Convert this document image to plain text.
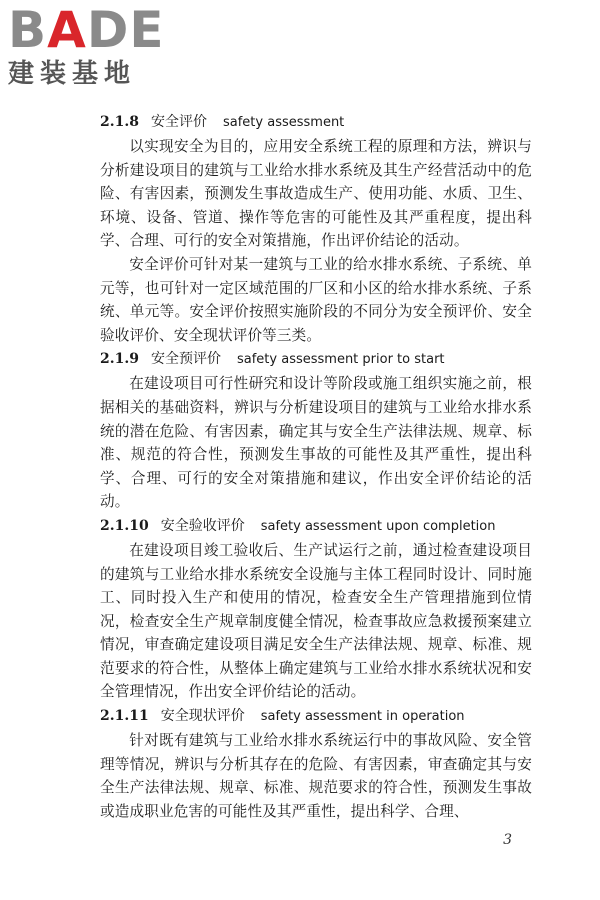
BADE
建装基地
2.1.8 安全评价 safety assessment

以实现安全为目的，应用安全系统工程的原理和方法，辨识与分析建设项目的建筑与工业给水排水系统及其生产经营活动中的危险、有害因素，预测发生事故造成生产、使用功能、水质、卫生、环境、设备、管道、操作等危害的可能性及其严重程度，提出科学、合理、可行的安全对策措施，作出评价结论的活动。

安全评价可针对某一建筑与工业的给水排水系统、子系统、单元等，也可针对一定区域范围的厂区和小区的给水排水系统、子系统、单元等。安全评价按照实施阶段的不同分为安全预评价、安全验收评价、安全现状评价等三类。

2.1.9 安全预评价 safety assessment prior to start

在建设项目可行性研究和设计等阶段或施工组织实施之前，根据相关的基础资料，辨识与分析建设项目的建筑与工业给水排水系统的潜在危险、有害因素，确定其与安全生产法律法规、规章、标准、规范的符合性，预测发生事故的可能性及其严重性，提出科学、合理、可行的安全对策措施和建议，作出安全评价结论的活动。

2.1.10 安全验收评价 safety assessment upon completion

在建设项目竣工验收后、生产试运行之前，通过检查建设项目的建筑与工业给水排水系统安全设施与主体工程同时设计、同时施工、同时投入生产和使用的情况，检查安全生产管理措施到位情况，检查安全生产规章制度健全情况，检查事故应急救援预案建立情况，审查确定建设项目满足安全生产法律法规、规章、标准、规范要求的符合性，从整体上确定建筑与工业给水排水系统状况和安全管理情况，作出安全评价结论的活动。

2.1.11 安全现状评价 safety assessment in operation

针对既有建筑与工业给水排水系统运行中的事故风险、安全管理等情况，辨识与分析其存在的危险、有害因素，审查确定其与安全生产法律法规、规章、标准、规范要求的符合性，预测发生事故或造成职业危害的可能性及其严重性，提出科学、合理、

3
